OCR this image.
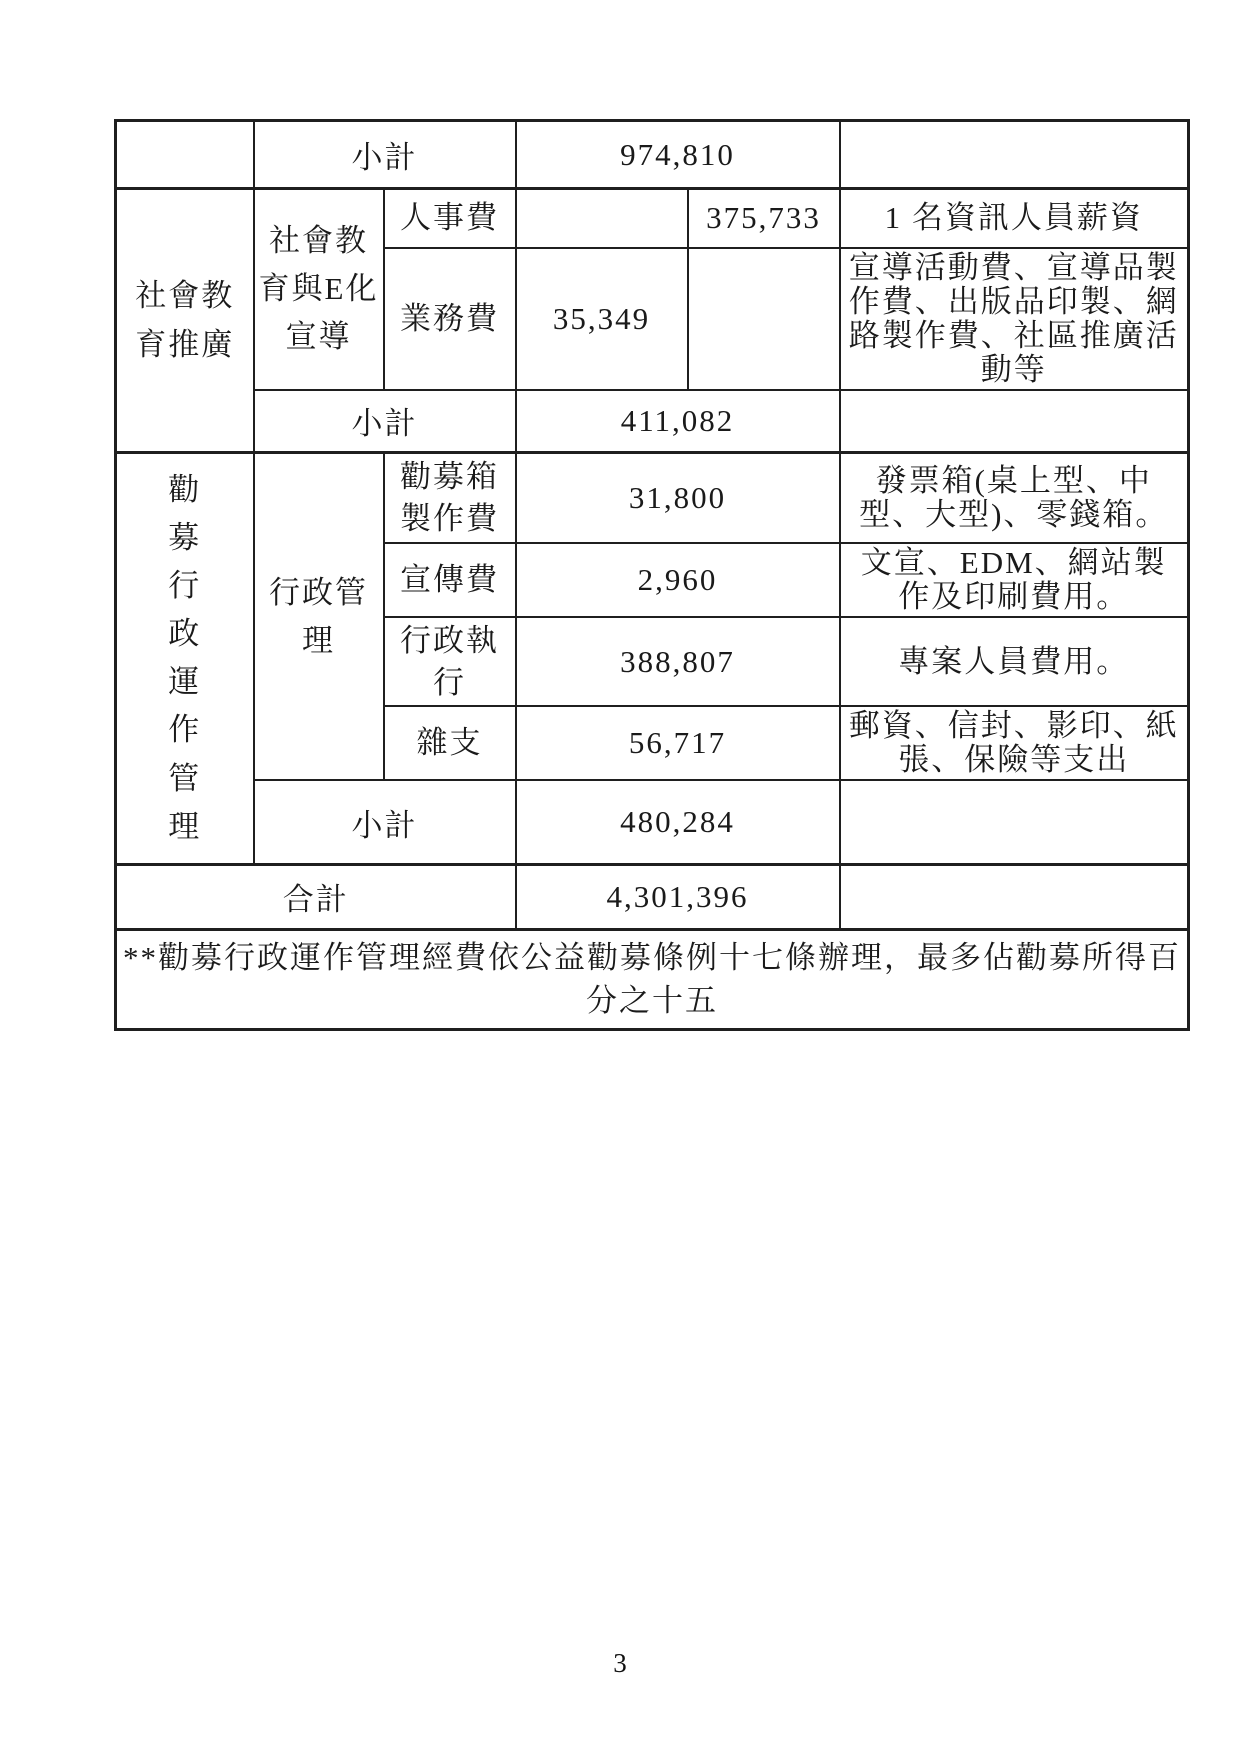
	小計		974,810		
社會教育推廣	社會教育與E化宣導	人事費		375,733	1 名資訊人員薪資
		業務費	35,349		宣導活動費、宣導品製作費、出版品印製、網路製作費、社區推廣活動等
	小計		411,082		

勸募行政運作管理	行政管理	勸募箱製作費	31,800		發票箱(桌上型、中型、大型)、零錢箱。
		宣傳費	2,960		文宣、EDM、網站製作及印刷費用。
		行政執行	388,807		專案人員費用。
		雜支	56,717		郵資、信封、影印、紙張、保險等支出
	小計		480,284		
合計			4,301,396		
**勸募行政運作管理經費依公益勸募條例十七條辦理，最多佔勸募所得百分之十五					
3
